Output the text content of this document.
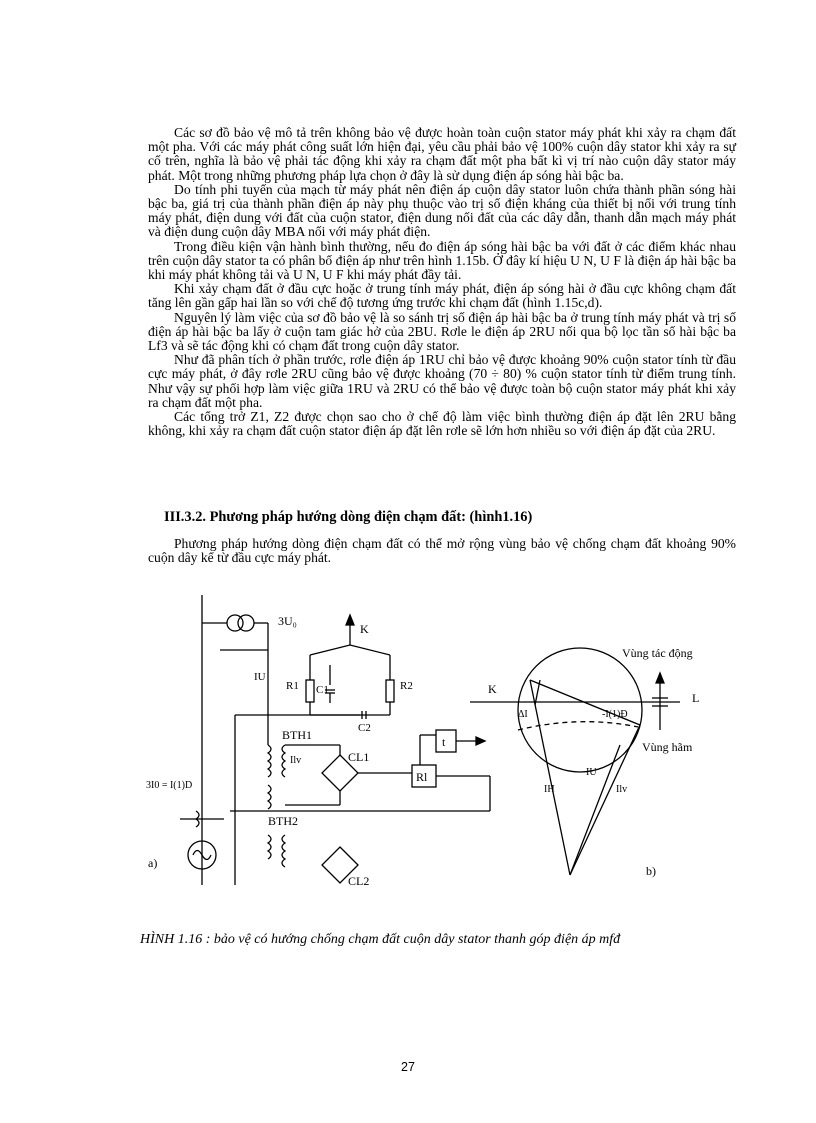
Các sơ đồ bảo vệ mô tả trên không bảo vệ được hoàn toàn cuộn stator máy phát khi xảy ra chạm đất một pha. Với các máy phát công suất lớn hiện đại, yêu cầu phải bảo vệ 100% cuộn dây stator khi xảy ra sự cố trên, nghĩa là bảo vệ phải tác động khi xảy ra chạm đất một pha bất kì vị trí nào cuộn dây stator máy phát. Một trong những phương pháp lựa chọn ở đây là sử dụng điện áp sóng hài bậc ba.

Do tính phi tuyến của mạch từ máy phát nên điện áp cuộn dây stator luôn chứa thành phần sóng hài bậc ba, giá trị của thành phần điện áp này phụ thuộc vào trị số điện kháng của thiết bị nối với trung tính máy phát, điện dung với đất của cuộn stator, điện dung nối đất của các dây dẫn, thanh dẫn mạch máy phát và điện dung cuộn dây MBA nối với máy phát điện.

Trong điều kiện vận hành bình thường, nếu đo điện áp sóng hài bậc ba với đất ở các điểm khác nhau trên cuộn dây stator ta có phân bố điện áp như trên hình 1.15b. Ở đây kí hiệu U N, U F là điện áp hài bậc ba khi máy phát không tải và U N, U F khi máy phát đầy tải.

Khi xảy chạm đất ở đầu cực hoặc ở trung tính máy phát, điện áp sóng hài ở đầu cực không chạm đất tăng lên gần gấp hai lần so với chế độ tương ứng trước khi chạm đất (hình 1.15c,d).

Nguyên lý làm việc của sơ đồ bảo vệ là so sánh trị số điện áp hài bậc ba ở trung tính máy phát và trị số điện áp hài bậc ba lấy ở cuộn tam giác hở của 2BU. Rơle le điện áp 2RU nối qua bộ lọc tần số hài bậc ba Lf3 và sẽ tác động khi có chạm đất trong cuộn dây stator.

Như đã phân tích ở phần trước, rơle điện áp 1RU chỉ bảo vệ được khoảng 90% cuộn stator tính từ đầu cực máy phát, ở đây rơle 2RU cũng bảo vệ được khoảng (70 ÷ 80) % cuộn stator tính từ điểm trung tính. Như vậy sự phối hợp làm việc giữa 1RU và 2RU có thể bảo vệ được toàn bộ cuộn stator máy phát khi xảy ra chạm đất một pha.

Các tổng trở Z1, Z2 được chọn sao cho ở chế độ làm việc bình thường điện áp đặt lên 2RU bằng không, khi xảy ra chạm đất cuộn stator điện áp đặt lên rơle sẽ lớn hơn nhiều so với điện áp đặt của 2RU.

III.3.2. Phương pháp hướng dòng điện chạm đất: (hình1.16)
Phương pháp hướng dòng điện chạm đất có thể mở rộng vùng bảo vệ chống chạm đất khoảng 90% cuộn dây kể từ đầu cực máy phát.
3U₀
K
IU
R1 C1	R2
C2
BTH1
Ilv	CL1
t
Rl
3I0 = I(1)D
BTH2
a)
CL2
Vùng tác động
Vùng hãm
K
L
ΔI	-I(1)Đ
IU
IH	Ilv
b)
HÌNH 1.16 : bảo vệ có hướng chống chạm đất cuộn dây stator thanh góp điện áp mfđ
27
